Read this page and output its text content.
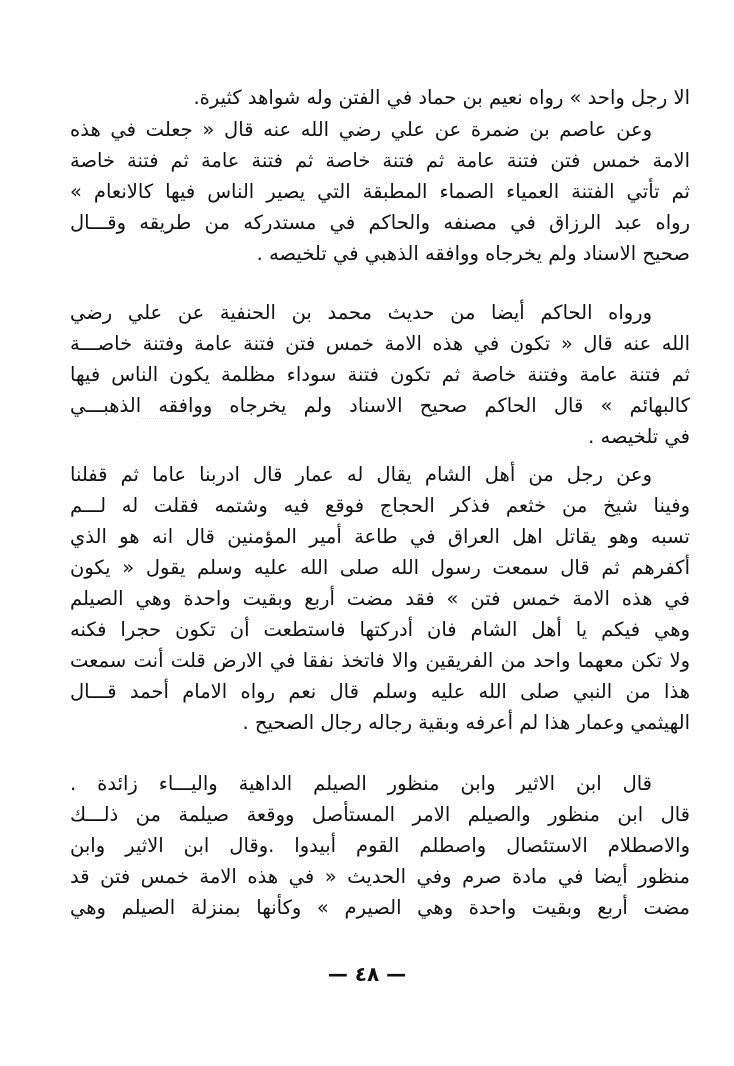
الا رجل واحد » رواه نعيم بن حماد في الفتن وله شواهد كثيرة.
وعن عاصم بن ضمرة عن علي رضي الله عنه قال « جعلت في هذه
الامة خمس فتن فتنة عامة ثم فتنة خاصة ثم فتنة عامة ثم فتنة خاصة
ثم تأتي الفتنة العمياء الصماء المطبقة التي يصير الناس فيها كالانعام »
رواه عبد الرزاق في مصنفه والحاكم في مستدركه من طريقه وقـــال
صحيح الاسناد ولم يخرجاه ووافقه الذهبي في تلخيصه .
ورواه الحاكم أيضا من حديث محمد بن الحنفية عن علي رضي
الله عنه قال « تكون في هذه الامة خمس فتن فتنة عامة وفتنة خاصـــة
ثم فتنة عامة وفتنة خاصة ثم تكون فتنة سوداء مظلمة يكون الناس فيها
كالبهائم » قال الحاكم صحيح الاسناد ولم يخرجاه ووافقه الذهبـــي
في تلخيصه .
وعن رجل من أهل الشام يقال له عمار قال ادربنا عاما ثم قفلنا
وفينا شيخ من خثعم فذكر الحجاج فوقع فيه وشتمه فقلت له لـــم
تسبه وهو يقاتل اهل العراق في طاعة أمير المؤمنين قال انه هو الذي
أكفرهم ثم قال سمعت رسول الله صلى الله عليه وسلم يقول « يكون
في هذه الامة خمس فتن » فقد مضت أربع وبقيت واحدة وهي الصيلم
وهي فيكم يا أهل الشام فان أدركتها فاستطعت أن تكون حجرا فكنه
ولا تكن معهما واحد من الفريقين والا فاتخذ نفقا في الارض قلت أنت سمعت
هذا من النبي صلى الله عليه وسلم قال نعم رواه الامام أحمد قـــال
الهيثمي وعمار هذا لم أعرفه وبقية رجاله رجال الصحيح .
قال ابن الاثير وابن منظور الصيلم الداهية واليـــاء زائدة .
قال ابن منظور والصيلم الامر المستأصل ووقعة صيلمة من ذلـــك
والاصطلام الاستئصال واصطلم القوم أبيدوا .وقال ابن الاثير وابن
منظور أيضا في مادة صرم وفي الحديث « في هذه الامة خمس فتن قد
مضت أربع وبقيت واحدة وهي الصيرم » وكأنها بمنزلة الصيلم وهي
— ٤٨ —
